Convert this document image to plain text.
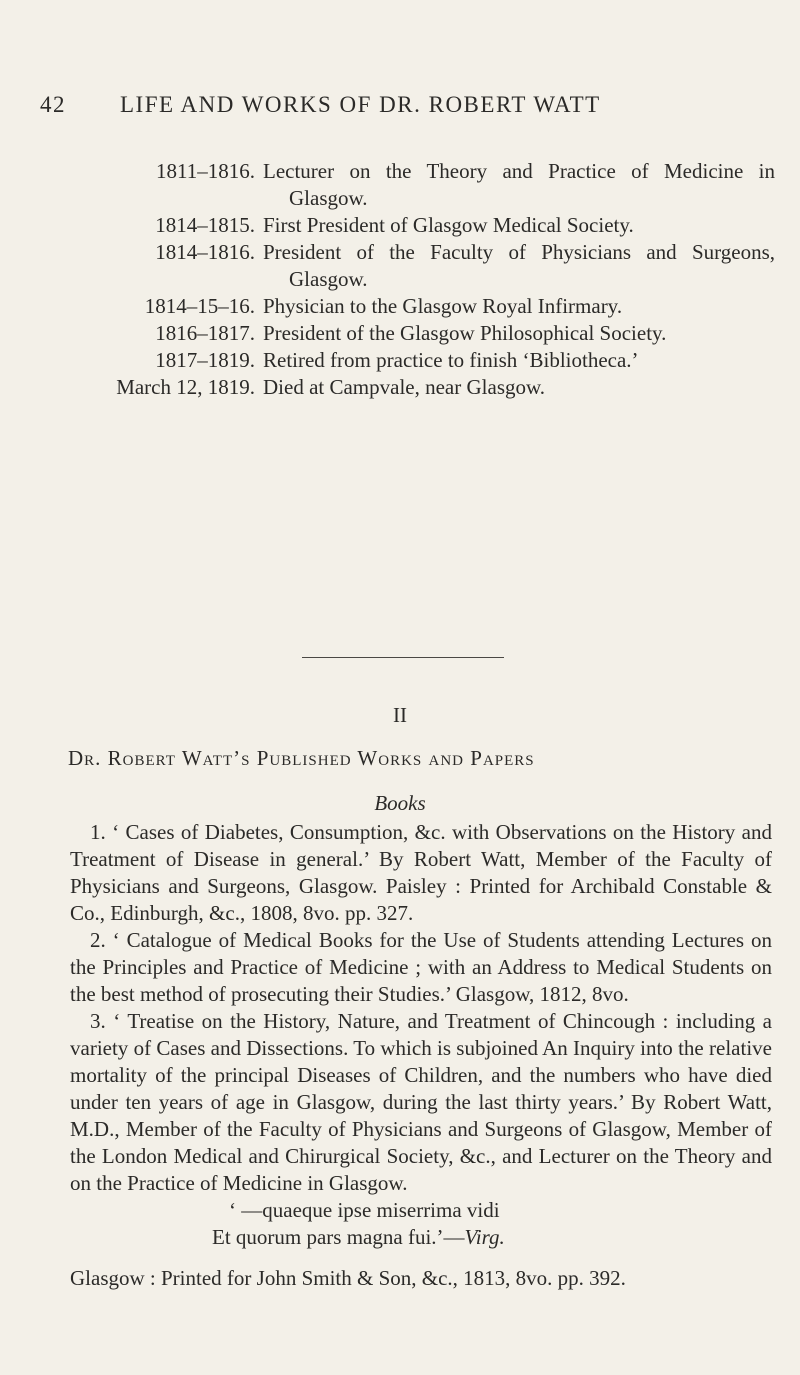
42 LIFE AND WORKS OF DR. ROBERT WATT
1811–1816. Lecturer on the Theory and Practice of Medicine in Glasgow.
1814–1815. First President of Glasgow Medical Society.
1814–1816. President of the Faculty of Physicians and Surgeons, Glasgow.
1814–15–16. Physician to the Glasgow Royal Infirmary.
1816–1817. President of the Glasgow Philosophical Society.
1817–1819. Retired from practice to finish ‘Bibliotheca.’
March 12, 1819. Died at Campvale, near Glasgow.
II
Dr. Robert Watt’s Published Works and Papers
Books

1. ‘ Cases of Diabetes, Consumption, &c. with Observations on the History and Treatment of Disease in general.’ By Robert Watt, Member of the Faculty of Physicians and Surgeons, Glasgow. Paisley : Printed for Archibald Constable & Co., Edinburgh, &c., 1808, 8vo. pp. 327.

2. ‘ Catalogue of Medical Books for the Use of Students attending Lectures on the Principles and Practice of Medicine ; with an Address to Medical Students on the best method of prosecuting their Studies.’ Glasgow, 1812, 8vo.

3. ‘ Treatise on the History, Nature, and Treatment of Chincough : including a variety of Cases and Dissections. To which is subjoined An Inquiry into the relative mortality of the principal Diseases of Children, and the numbers who have died under ten years of age in Glasgow, during the last thirty years.’ By Robert Watt, M.D., Member of the Faculty of Physicians and Surgeons of Glasgow, Member of the London Medical and Chirurgical Society, &c., and Lecturer on the Theory and on the Practice of Medicine in Glasgow.

‘ —quaeque ipse miserrima vidi
Et quorum pars magna fui.’—Virg.

Glasgow : Printed for John Smith & Son, &c., 1813, 8vo. pp. 392.
